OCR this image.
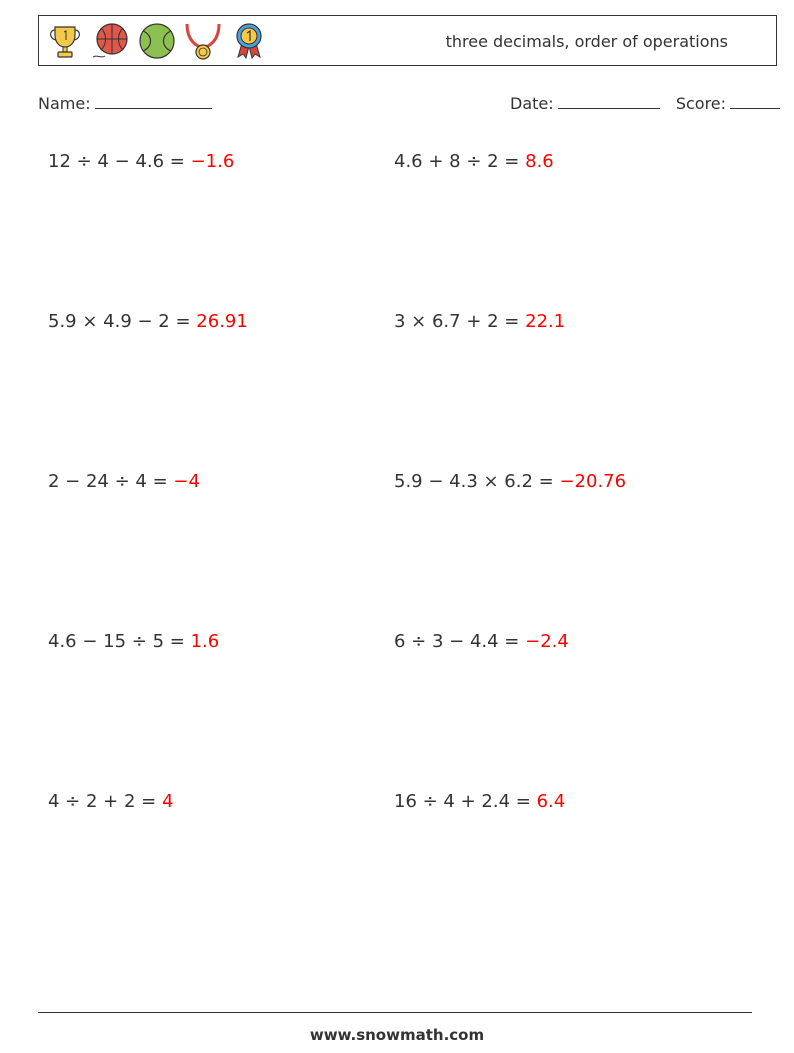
three decimals, order of operations
Name:	Date:	Score:
12 ÷ 4 − 4.6 = −1.6	4.6 + 8 ÷ 2 = 8.6
5.9 × 4.9 − 2 = 26.91	3 × 6.7 + 2 = 22.1
2 − 24 ÷ 4 = −4	5.9 − 4.3 × 6.2 = −20.76
4.6 − 15 ÷ 5 = 1.6	6 ÷ 3 − 4.4 = −2.4
4 ÷ 2 + 2 = 4	16 ÷ 4 + 2.4 = 6.4
www.snowmath.com
